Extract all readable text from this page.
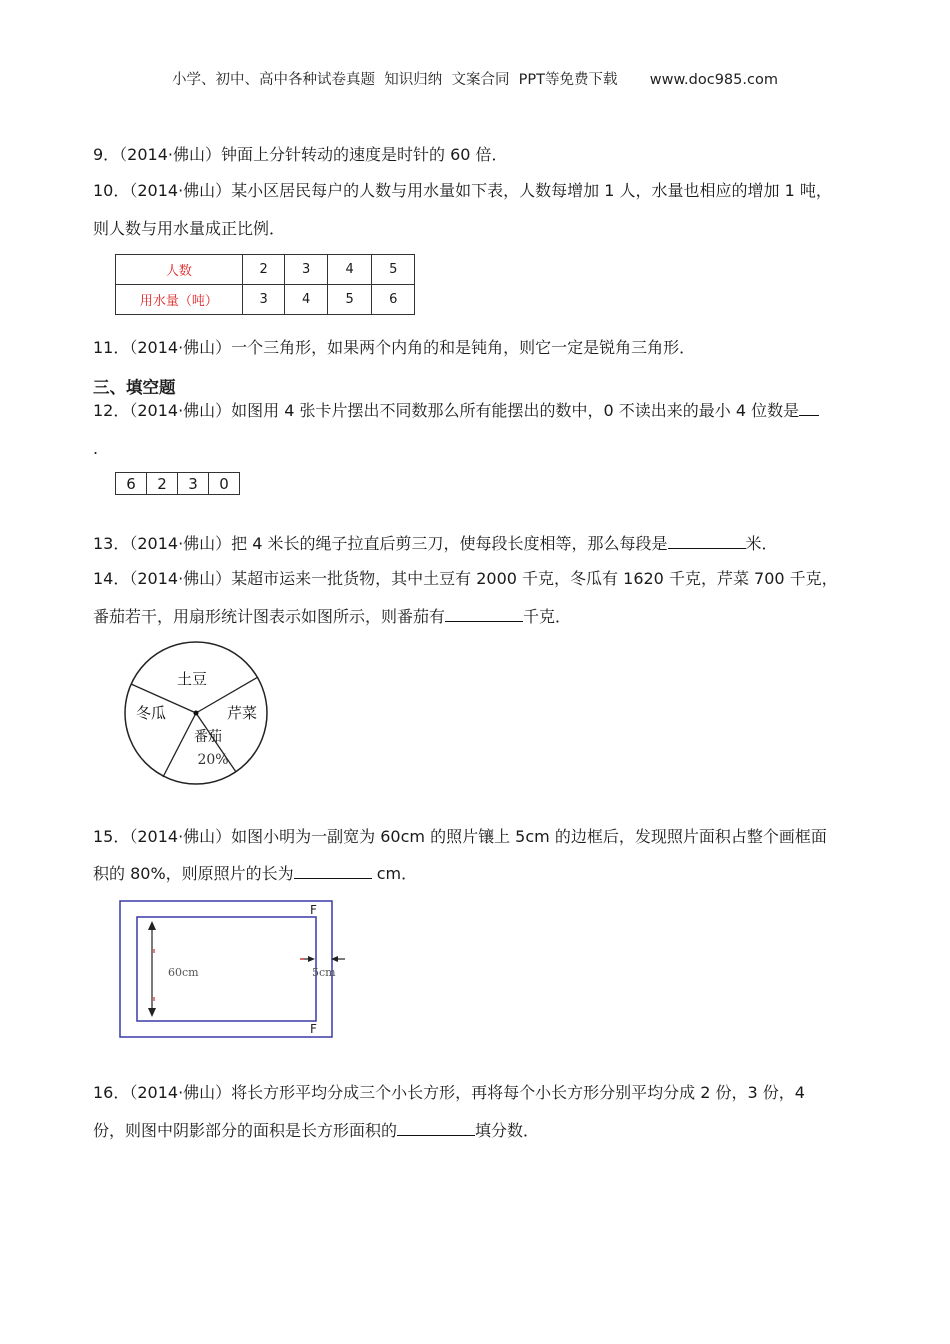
小学、初中、高中各种试卷真题  知识归纳  文案合同  PPT等免费下载 www.doc985.com
9．（2014·佛山）钟面上分针转动的速度是时针的 60 倍．
10．（2014·佛山）某小区居民每户的人数与用水量如下表，人数每增加 1 人，水量也相应的增加 1 吨，
则人数与用水量成正比例．
人数	2	3	4	5
用水量（吨）	3	4	5	6
11．（2014·佛山）一个三角形，如果两个内角的和是钝角，则它一定是锐角三角形．
三、填空题
12．（2014·佛山）如图用 4 张卡片摆出不同数那么所有能摆出的数中，0 不读出来的最小 4 位数是
.
6	2	3	0
13．（2014·佛山）把 4 米长的绳子拉直后剪三刀，使每段长度相等，那么每段是	米．
14．（2014·佛山）某超市运来一批货物，其中土豆有 2000 千克，冬瓜有 1620 千克，芹菜 700 千克，
番茄若干，用扇形统计图表示如图所示，则番茄有	千克．
土豆
冬瓜	芹菜
番茄
20%
15．（2014·佛山）如图小明为一副宽为 60cm 的照片镶上 5cm 的边框后，发现照片面积占整个画框面
积的 80%，则原照片的长为	cm．
60cm	5cm
F
F
16．（2014·佛山）将长方形平均分成三个小长方形，再将每个小长方形分别平均分成 2 份，3 份，4
份，则图中阴影部分的面积是长方形面积的	填分数．
